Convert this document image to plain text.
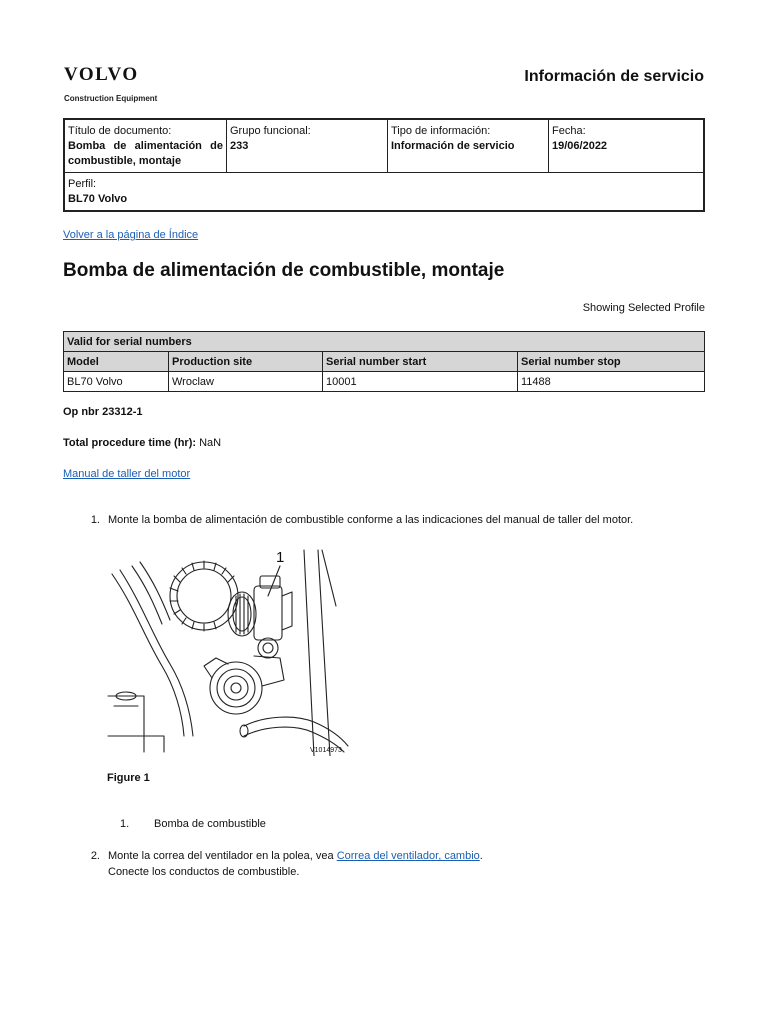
VOLVO
Construction Equipment
Información de servicio
Título de documento:
Bomba de alimentación de combustible, montaje

Grupo funcional:
233

Tipo de información:
Información de servicio

Fecha:
19/06/2022

Perfil:
BL70 Volvo
Volver a la página de Índice
Bomba de alimentación de combustible, montaje
Showing Selected Profile
Valid for serial numbers			
Model	Production site	Serial number start	Serial number stop
BL70 Volvo	Wroclaw	10001	11488
Op nbr 23312-1
Total procedure time (hr): NaN
Manual de taller del motor
1. Monte la bomba de alimentación de combustible conforme a las indicaciones del manual de taller del motor.
1
V1014973
Figure 1
1.	Bomba de combustible
2. Monte la correa del ventilador en la polea, vea Correa del ventilador, cambio.
Conecte los conductos de combustible.
